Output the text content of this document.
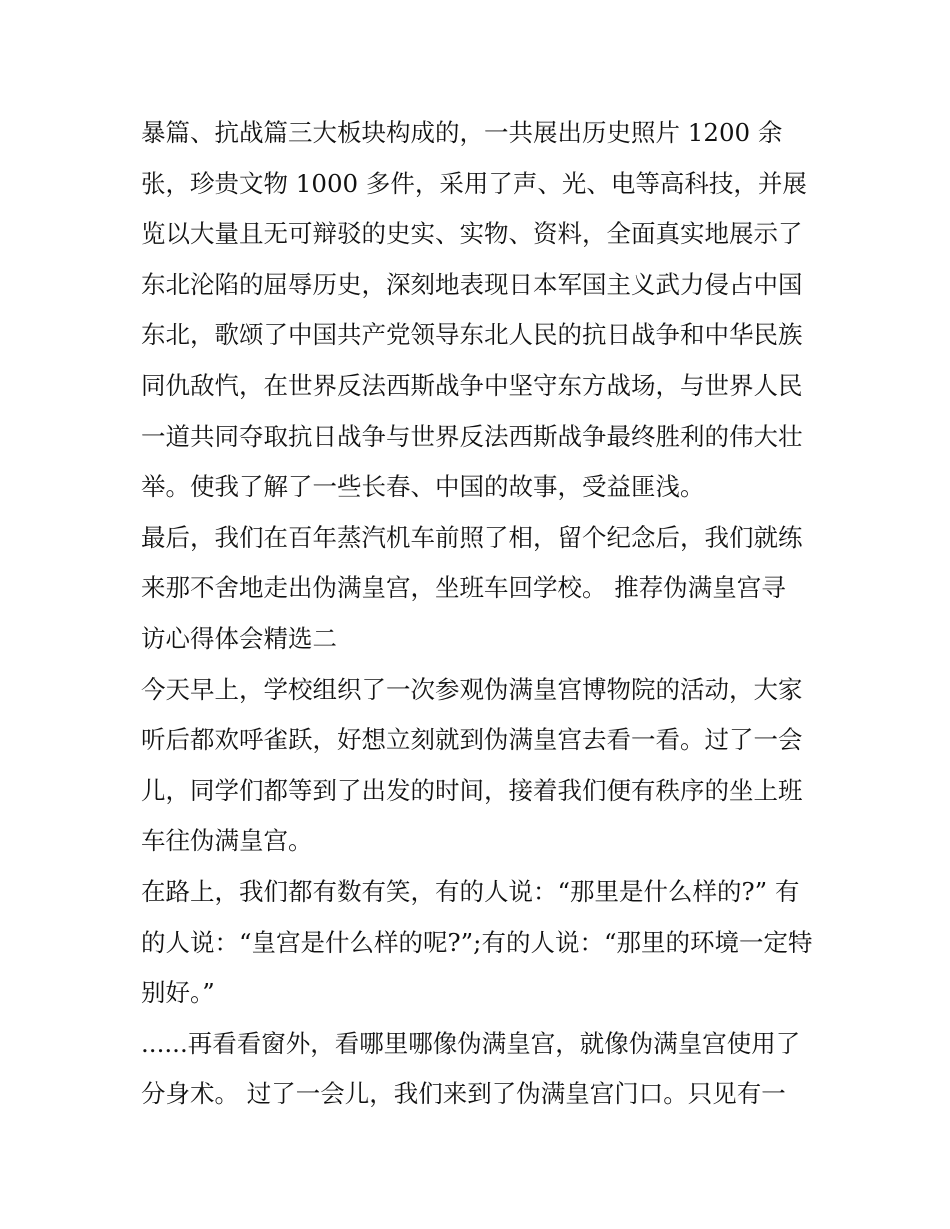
暴篇、抗战篇三大板块构成的，一共展出历史照片 1200 余
张，珍贵文物 1000 多件，采用了声、光、电等高科技，并展
览以大量且无可辩驳的史实、实物、资料，全面真实地展示了
东北沦陷的屈辱历史，深刻地表现日本军国主义武力侵占中国
东北，歌颂了中国共产党领导东北人民的抗日战争和中华民族
同仇敌忾，在世界反法西斯战争中坚守东方战场，与世界人民
一道共同夺取抗日战争与世界反法西斯战争最终胜利的伟大壮
举。使我了解了一些长春、中国的故事，受益匪浅。
最后，我们在百年蒸汽机车前照了相，留个纪念后，我们就练
来那不舍地走出伪满皇宫，坐班车回学校。 推荐伪满皇宫寻
访心得体会精选二
今天早上，学校组织了一次参观伪满皇宫博物院的活动，大家
听后都欢呼雀跃，好想立刻就到伪满皇宫去看一看。过了一会
儿，同学们都等到了出发的时间，接着我们便有秩序的坐上班
车往伪满皇宫。
在路上，我们都有数有笑，有的人说：“那里是什么样的?” 有
的人说：“皇宫是什么样的呢?”;有的人说：“那里的环境一定特
别好。”
......再看看窗外，看哪里哪像伪满皇宫，就像伪满皇宫使用了
分身术。 过了一会儿，我们来到了伪满皇宫门口。只见有一
